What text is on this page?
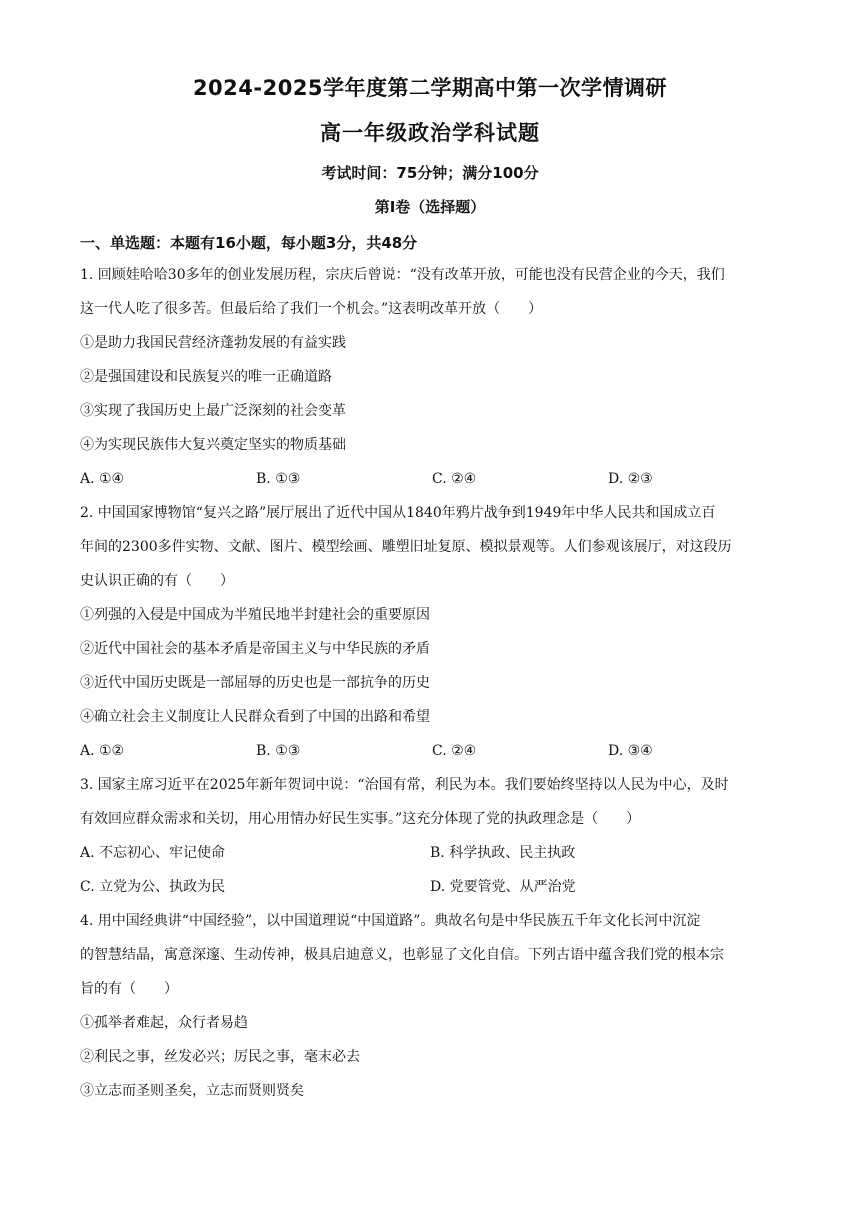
2024-2025学年度第二学期高中第一次学情调研
高一年级政治学科试题
考试时间：75分钟；满分100分
第Ⅰ卷（选择题）
一、单选题：本题有16小题，每小题3分，共48分
1. 回顾娃哈哈30多年的创业发展历程，宗庆后曾说：“没有改革开放，可能也没有民营企业的今天，我们
这一代人吃了很多苦。但最后给了我们一个机会。”这表明改革开放（　　）
①是助力我国民营经济蓬勃发展的有益实践
②是强国建设和民族复兴的唯一正确道路
③实现了我国历史上最广泛深刻的社会变革
④为实现民族伟大复兴奠定坚实的物质基础
A. ①④	B. ①③	C. ②④	D. ②③
2. 中国国家博物馆“复兴之路”展厅展出了近代中国从1840年鸦片战争到1949年中华人民共和国成立百
年间的2300多件实物、文献、图片、模型绘画、雕塑旧址复原、模拟景观等。人们参观该展厅，对这段历
史认识正确的有（　　）
①列强的入侵是中国成为半殖民地半封建社会的重要原因
②近代中国社会的基本矛盾是帝国主义与中华民族的矛盾
③近代中国历史既是一部屈辱的历史也是一部抗争的历史
④确立社会主义制度让人民群众看到了中国的出路和希望
A. ①②	B. ①③	C. ②④	D. ③④
3. 国家主席习近平在2025年新年贺词中说：“治国有常，利民为本。我们要始终坚持以人民为中心，及时
有效回应群众需求和关切，用心用情办好民生实事。”这充分体现了党的执政理念是（　　）
A. 不忘初心、牢记使命	B. 科学执政、民主执政
C. 立党为公、执政为民	D. 党要管党、从严治党
4. 用中国经典讲“中国经验”，以中国道理说“中国道路”。典故名句是中华民族五千年文化长河中沉淀
的智慧结晶，寓意深邃、生动传神，极具启迪意义，也彰显了文化自信。下列古语中蕴含我们党的根本宗
旨的有（　　）
①孤举者难起，众行者易趋
②利民之事，丝发必兴；厉民之事，毫末必去
③立志而圣则圣矣，立志而贤则贤矣
